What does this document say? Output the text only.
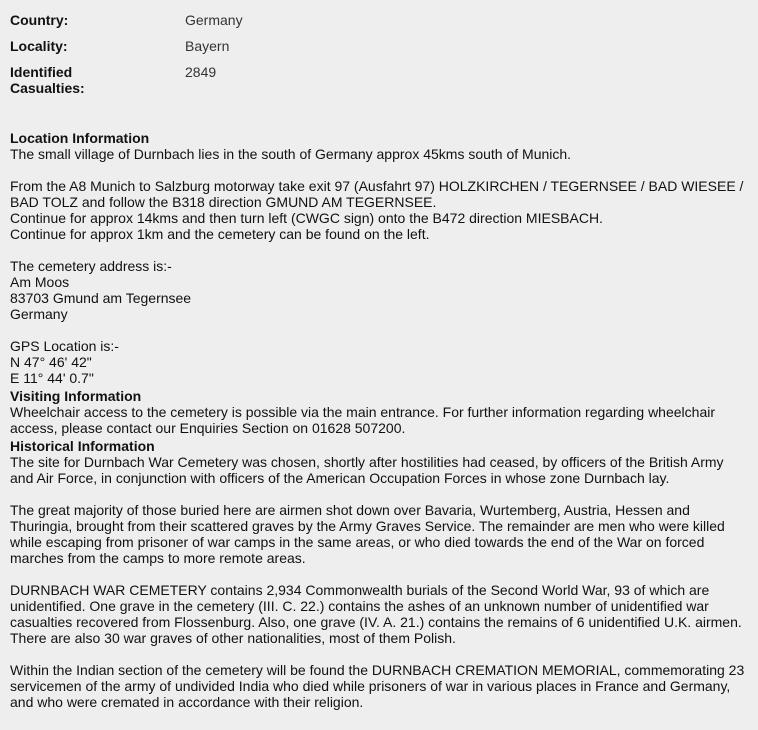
Country:	Germany
Locality:	Bayern
Identified Casualties:	2849
Location Information

The small village of Durnbach lies in the south of Germany approx 45kms south of Munich.

From the A8 Munich to Salzburg motorway take exit 97 (Ausfahrt 97) HOLZKIRCHEN / TEGERNSEE / BAD WIESEE / BAD TOLZ and follow the B318 direction GMUND AM TEGERNSEE.

Continue for approx 14kms and then turn left (CWGC sign) onto the B472 direction MIESBACH.

Continue for approx 1km and the cemetery can be found on the left.

The cemetery address is:-

Am Moos

83703 Gmund am Tegernsee

Germany

GPS Location is:-

N 47° 46' 42"

E 11° 44' 0.7"

Visiting Information

Wheelchair access to the cemetery is possible via the main entrance. For further information regarding wheelchair access, please contact our Enquiries Section on 01628 507200.

Historical Information

The site for Durnbach War Cemetery was chosen, shortly after hostilities had ceased, by officers of the British Army and Air Force, in conjunction with officers of the American Occupation Forces in whose zone Durnbach lay.

The great majority of those buried here are airmen shot down over Bavaria, Wurtemberg, Austria, Hessen and Thuringia, brought from their scattered graves by the Army Graves Service. The remainder are men who were killed while escaping from prisoner of war camps in the same areas, or who died towards the end of the War on forced marches from the camps to more remote areas.

DURNBACH WAR CEMETERY contains 2,934 Commonwealth burials of the Second World War, 93 of which are unidentified. One grave in the cemetery (III. C. 22.) contains the ashes of an unknown number of unidentified war casualties recovered from Flossenburg. Also, one grave (IV. A. 21.) contains the remains of 6 unidentified U.K. airmen. There are also 30 war graves of other nationalities, most of them Polish.

Within the Indian section of the cemetery will be found the DURNBACH CREMATION MEMORIAL, commemorating 23 servicemen of the army of undivided India who died while prisoners of war in various places in France and Germany, and who were cremated in accordance with their religion.
